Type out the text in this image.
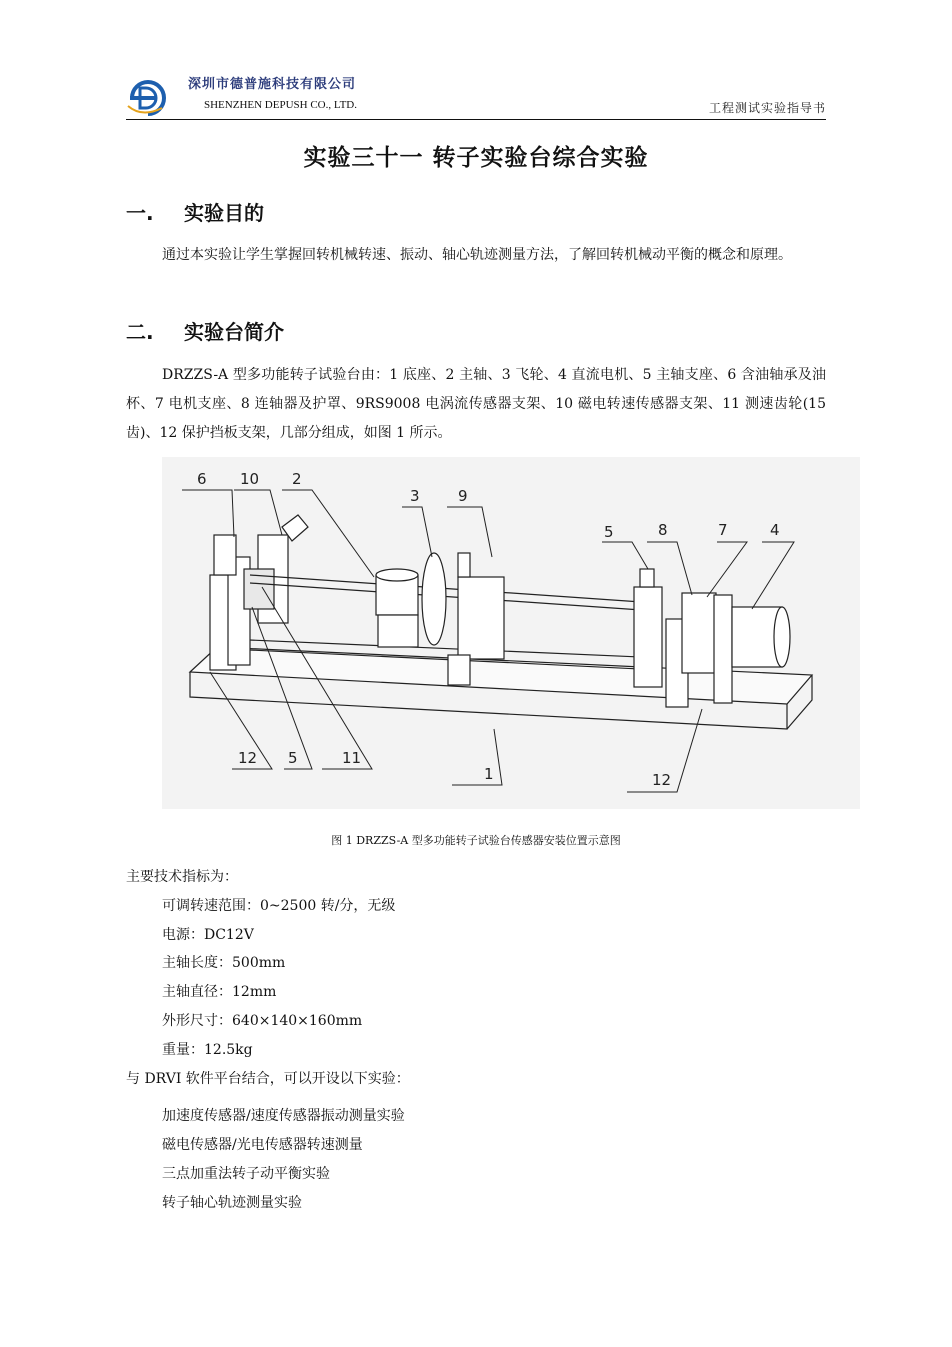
深圳市德普施科技有限公司
SHENZHEN DEPUSH CO., LTD.	工程测试实验指导书
实验三十一 转子实验台综合实验
一. 实验目的
通过本实验让学生掌握回转机械转速、振动、轴心轨迹测量方法，了解回转机械动平衡的概念和原理。
二. 实验台简介
DRZZS-A 型多功能转子试验台由：1 底座、2 主轴、3 飞轮、4 直流电机、5 主轴支座、6 含油轴承及油杯、7 电机支座、8 连轴器及护罩、9RS9008 电涡流传感器支架、10 磁电转速传感器支架、11 测速齿轮(15 齿)、12 保护挡板支架，几部分组成，如图 1 所示。
6 10 2
3	9
5	8	7	4
12 5	11
1	12
图 1 DRZZS-A 型多功能转子试验台传感器安装位置示意图
主要技术指标为：
可调转速范围：0~2500 转/分，无级
电源：DC12V
主轴长度：500mm
主轴直径：12mm
外形尺寸：640×140×160mm
重量：12.5kg
与 DRVI 软件平台结合，可以开设以下实验：
加速度传感器/速度传感器振动测量实验
磁电传感器/光电传感器转速测量
三点加重法转子动平衡实验
转子轴心轨迹测量实验
